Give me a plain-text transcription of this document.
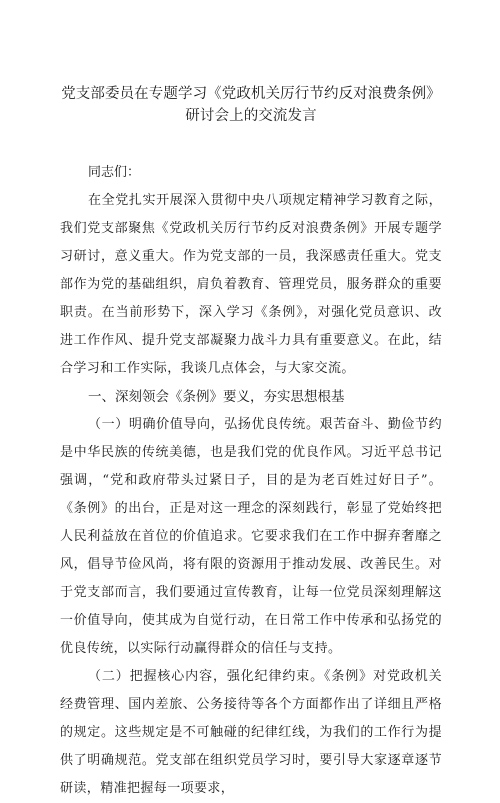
党支部委员在专题学习《党政机关厉行节约反对浪费条例》
研讨会上的交流发言

同志们：

在全党扎实开展深入贯彻中央八项规定精神学习教育之际，我们党支部聚焦《党政机关厉行节约反对浪费条例》开展专题学习研讨，意义重大。作为党支部的一员，我深感责任重大。党支部作为党的基础组织，肩负着教育、管理党员，服务群众的重要职责。在当前形势下，深入学习《条例》，对强化党员意识、改进工作作风、提升党支部凝聚力战斗力具有重要意义。在此，结合学习和工作实际，我谈几点体会，与大家交流。

一、深刻领会《条例》要义，夯实思想根基

（一）明确价值导向，弘扬优良传统。艰苦奋斗、勤俭节约是中华民族的传统美德，也是我们党的优良作风。习近平总书记强调，“党和政府带头过紧日子，目的是为老百姓过好日子”。《条例》的出台，正是对这一理念的深刻践行，彰显了党始终把人民利益放在首位的价值追求。它要求我们在工作中摒弃奢靡之风，倡导节俭风尚，将有限的资源用于推动发展、改善民生。对于党支部而言，我们要通过宣传教育，让每一位党员深刻理解这一价值导向，使其成为自觉行动，在日常工作中传承和弘扬党的优良传统，以实际行动赢得群众的信任与支持。

（二）把握核心内容，强化纪律约束。《条例》对党政机关经费管理、国内差旅、公务接待等各个方面都作出了详细且严格的规定。这些规定是不可触碰的纪律红线，为我们的工作行为提供了明确规范。党支部在组织党员学习时，要引导大家逐章逐节研读，精准把握每一项要求，
